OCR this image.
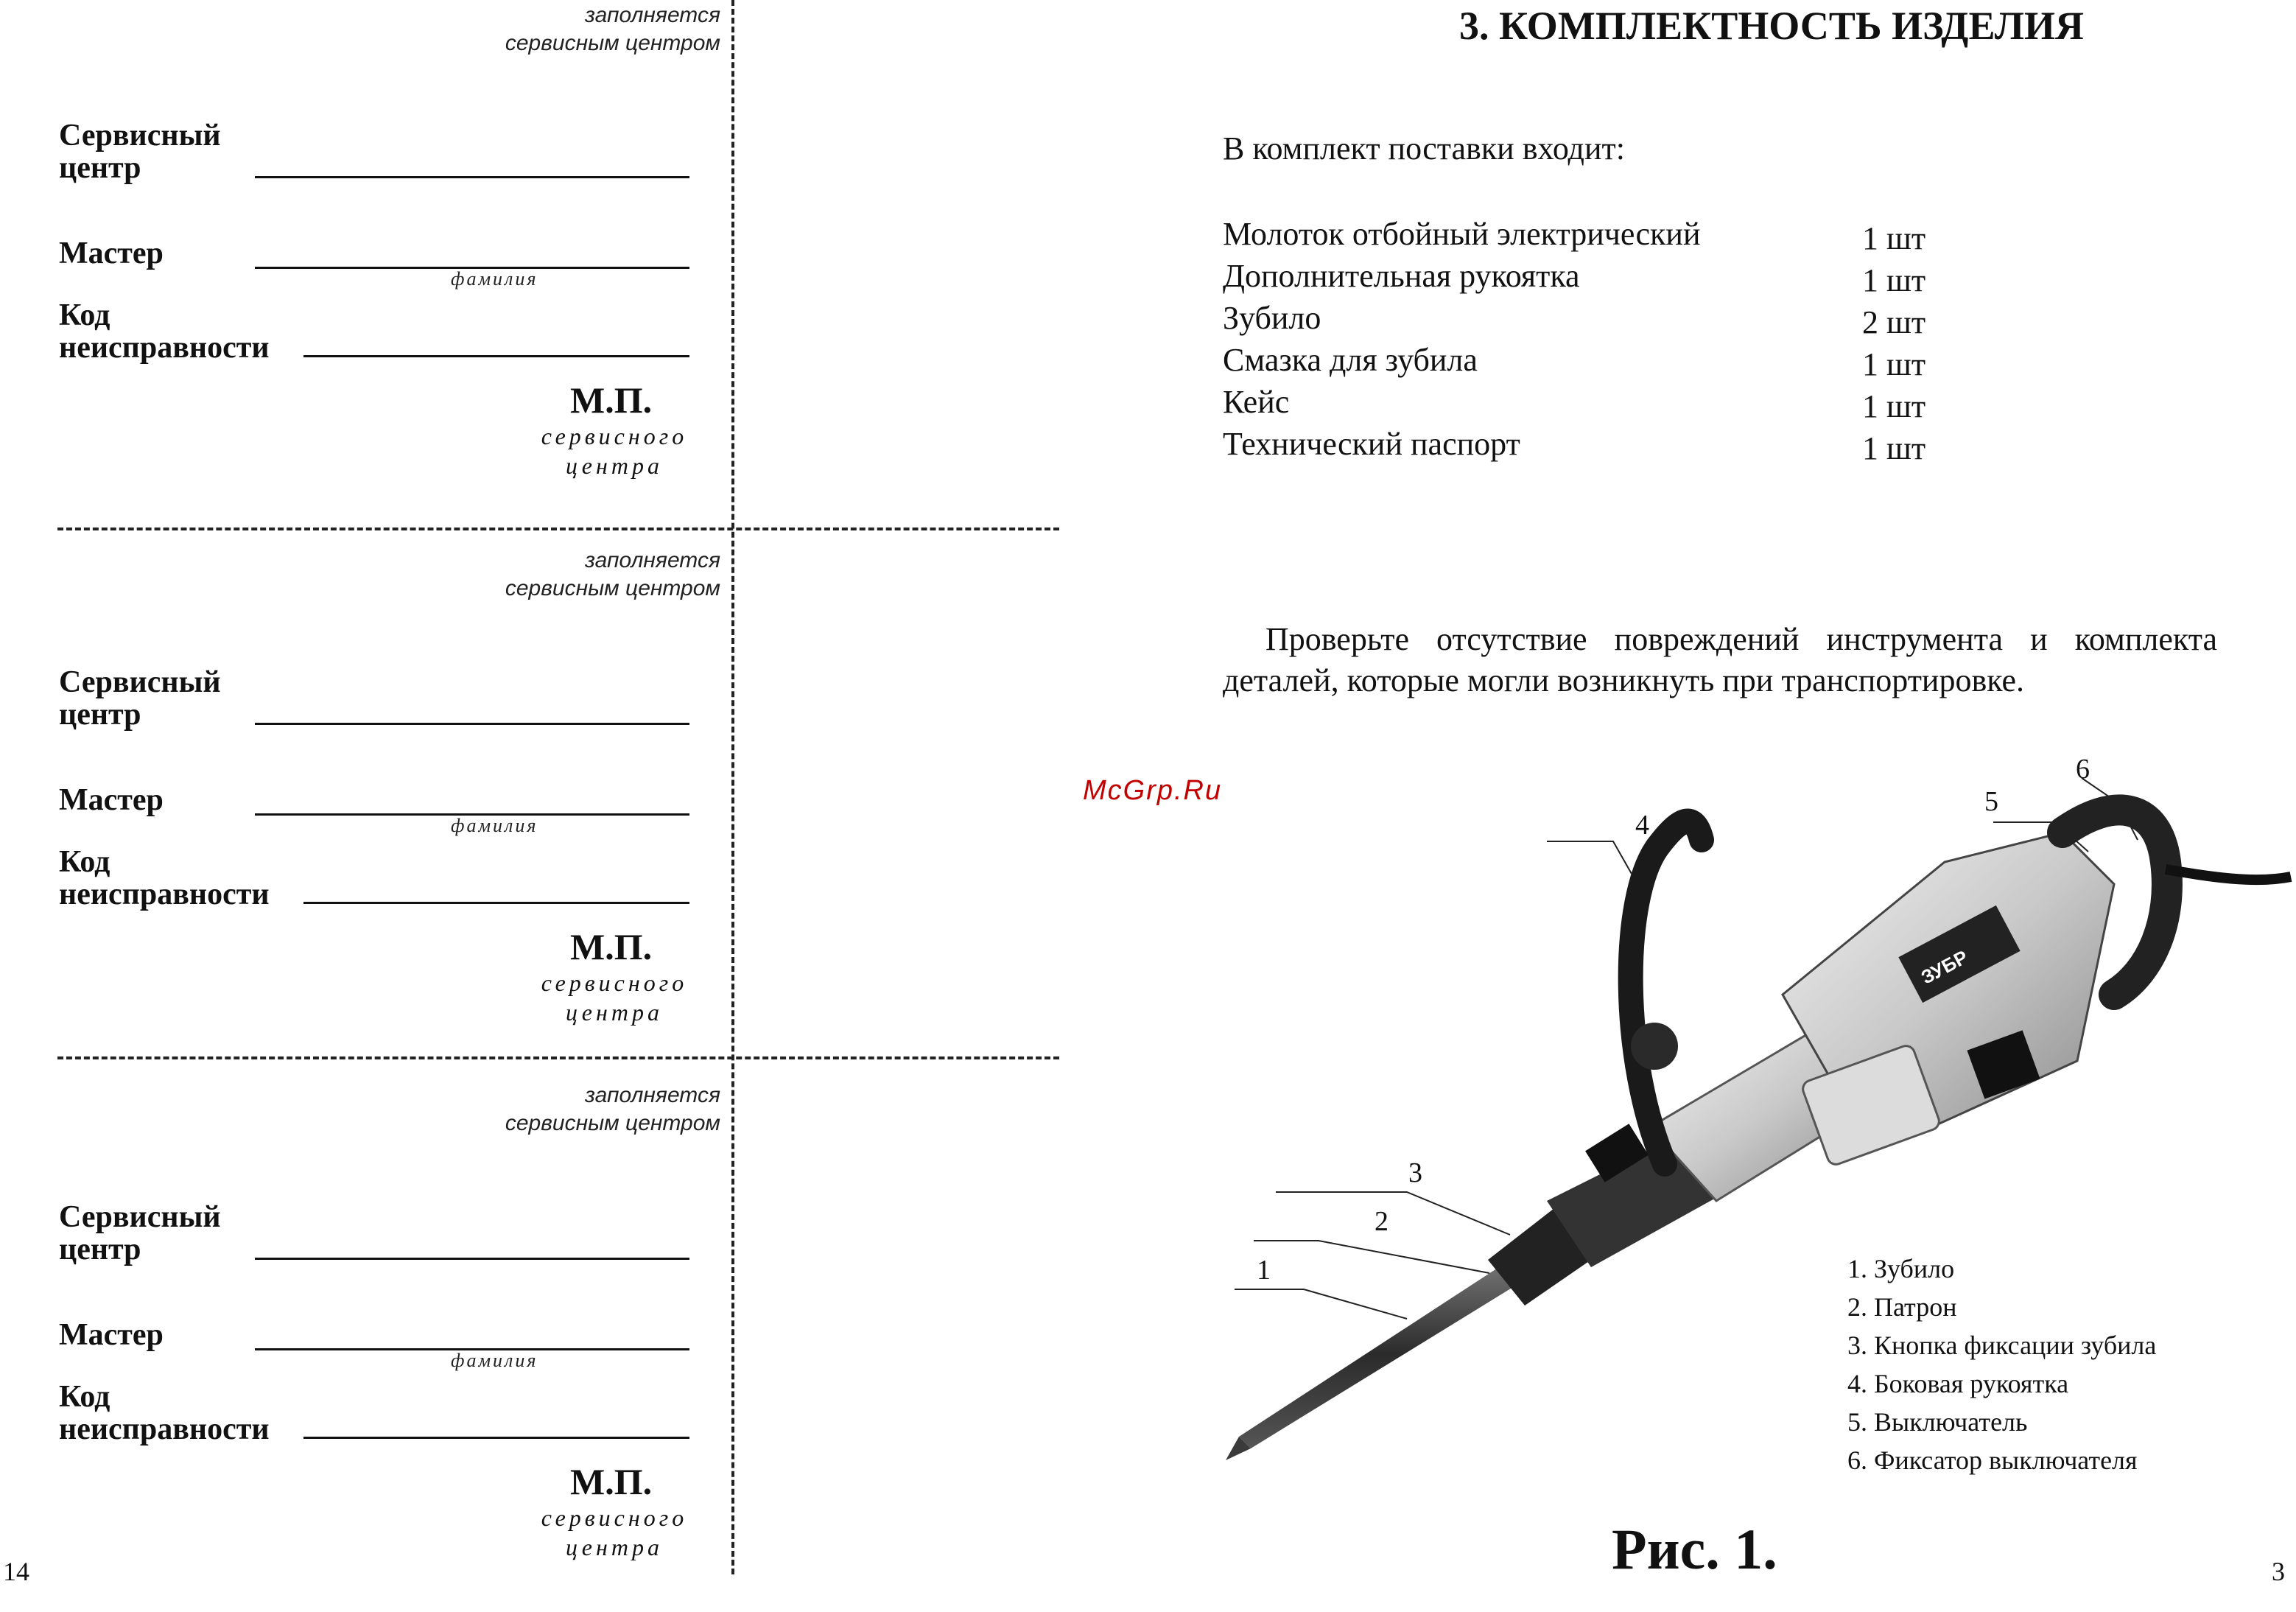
заполняется
сервисным центром
Сервисный
центр
Мастер
фамилия
Код
неисправности
М.П.
сервисного
центра
заполняется
сервисным центром
Сервисный
центр
Мастер
фамилия
Код
неисправности
М.П.
сервисного
центра
заполняется
сервисным центром
Сервисный
центр
Мастер
фамилия
Код
неисправности
М.П.
сервисного
центра
14
3. КОМПЛЕКТНОСТЬ ИЗДЕЛИЯ
В комплект поставки входит:
Молоток отбойный электрический	1 шт
Дополнительная рукоятка	1 шт
Зубило	2 шт
Смазка для зубила	1 шт
Кейс	1 шт
Технический паспорт	1 шт
Проверьте отсутствие повреждений инструмента и комплекта деталей, которые могли возникнуть при транспортировке.
McGrp.Ru
ЗУБР
1
2
3
4
5
6
1. Зубило
2. Патрон
3. Кнопка фиксации зубила
4. Боковая рукоятка
5. Выключатель
6. Фиксатор выключателя
Рис. 1.	3
